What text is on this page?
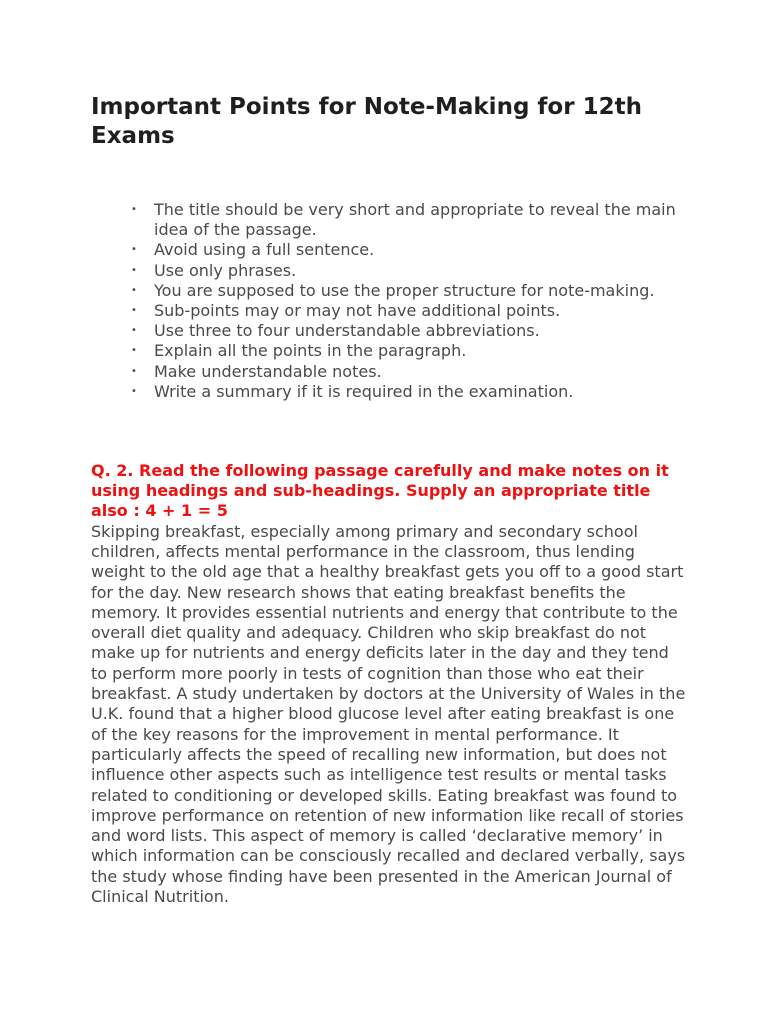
Important Points for Note-Making for 12th Exams
• The title should be very short and appropriate to reveal the main idea of the passage.
• Avoid using a full sentence.
• Use only phrases.
• You are supposed to use the proper structure for note-making.
• Sub-points may or may not have additional points.
• Use three to four understandable abbreviations.
• Explain all the points in the paragraph.
• Make understandable notes.
• Write a summary if it is required in the examination.

Q. 2. Read the following passage carefully and make notes on it using headings and sub-headings. Supply an appropriate title also : 4 + 1 = 5

Skipping breakfast, especially among primary and secondary school children, affects mental performance in the classroom, thus lending weight to the old age that a healthy breakfast gets you off to a good start for the day. New research shows that eating breakfast benefits the memory. It provides essential nutrients and energy that contribute to the overall diet quality and adequacy. Children who skip breakfast do not make up for nutrients and energy deficits later in the day and they tend to perform more poorly in tests of cognition than those who eat their breakfast. A study undertaken by doctors at the University of Wales in the U.K. found that a higher blood glucose level after eating breakfast is one of the key reasons for the improvement in mental performance. It particularly affects the speed of recalling new information, but does not influence other aspects such as intelligence test results or mental tasks related to conditioning or developed skills. Eating breakfast was found to improve performance on retention of new information like recall of stories and word lists. This aspect of memory is called ‘declarative memory’ in which information can be consciously recalled and declared verbally, says the study whose finding have been presented in the American Journal of Clinical Nutrition.
